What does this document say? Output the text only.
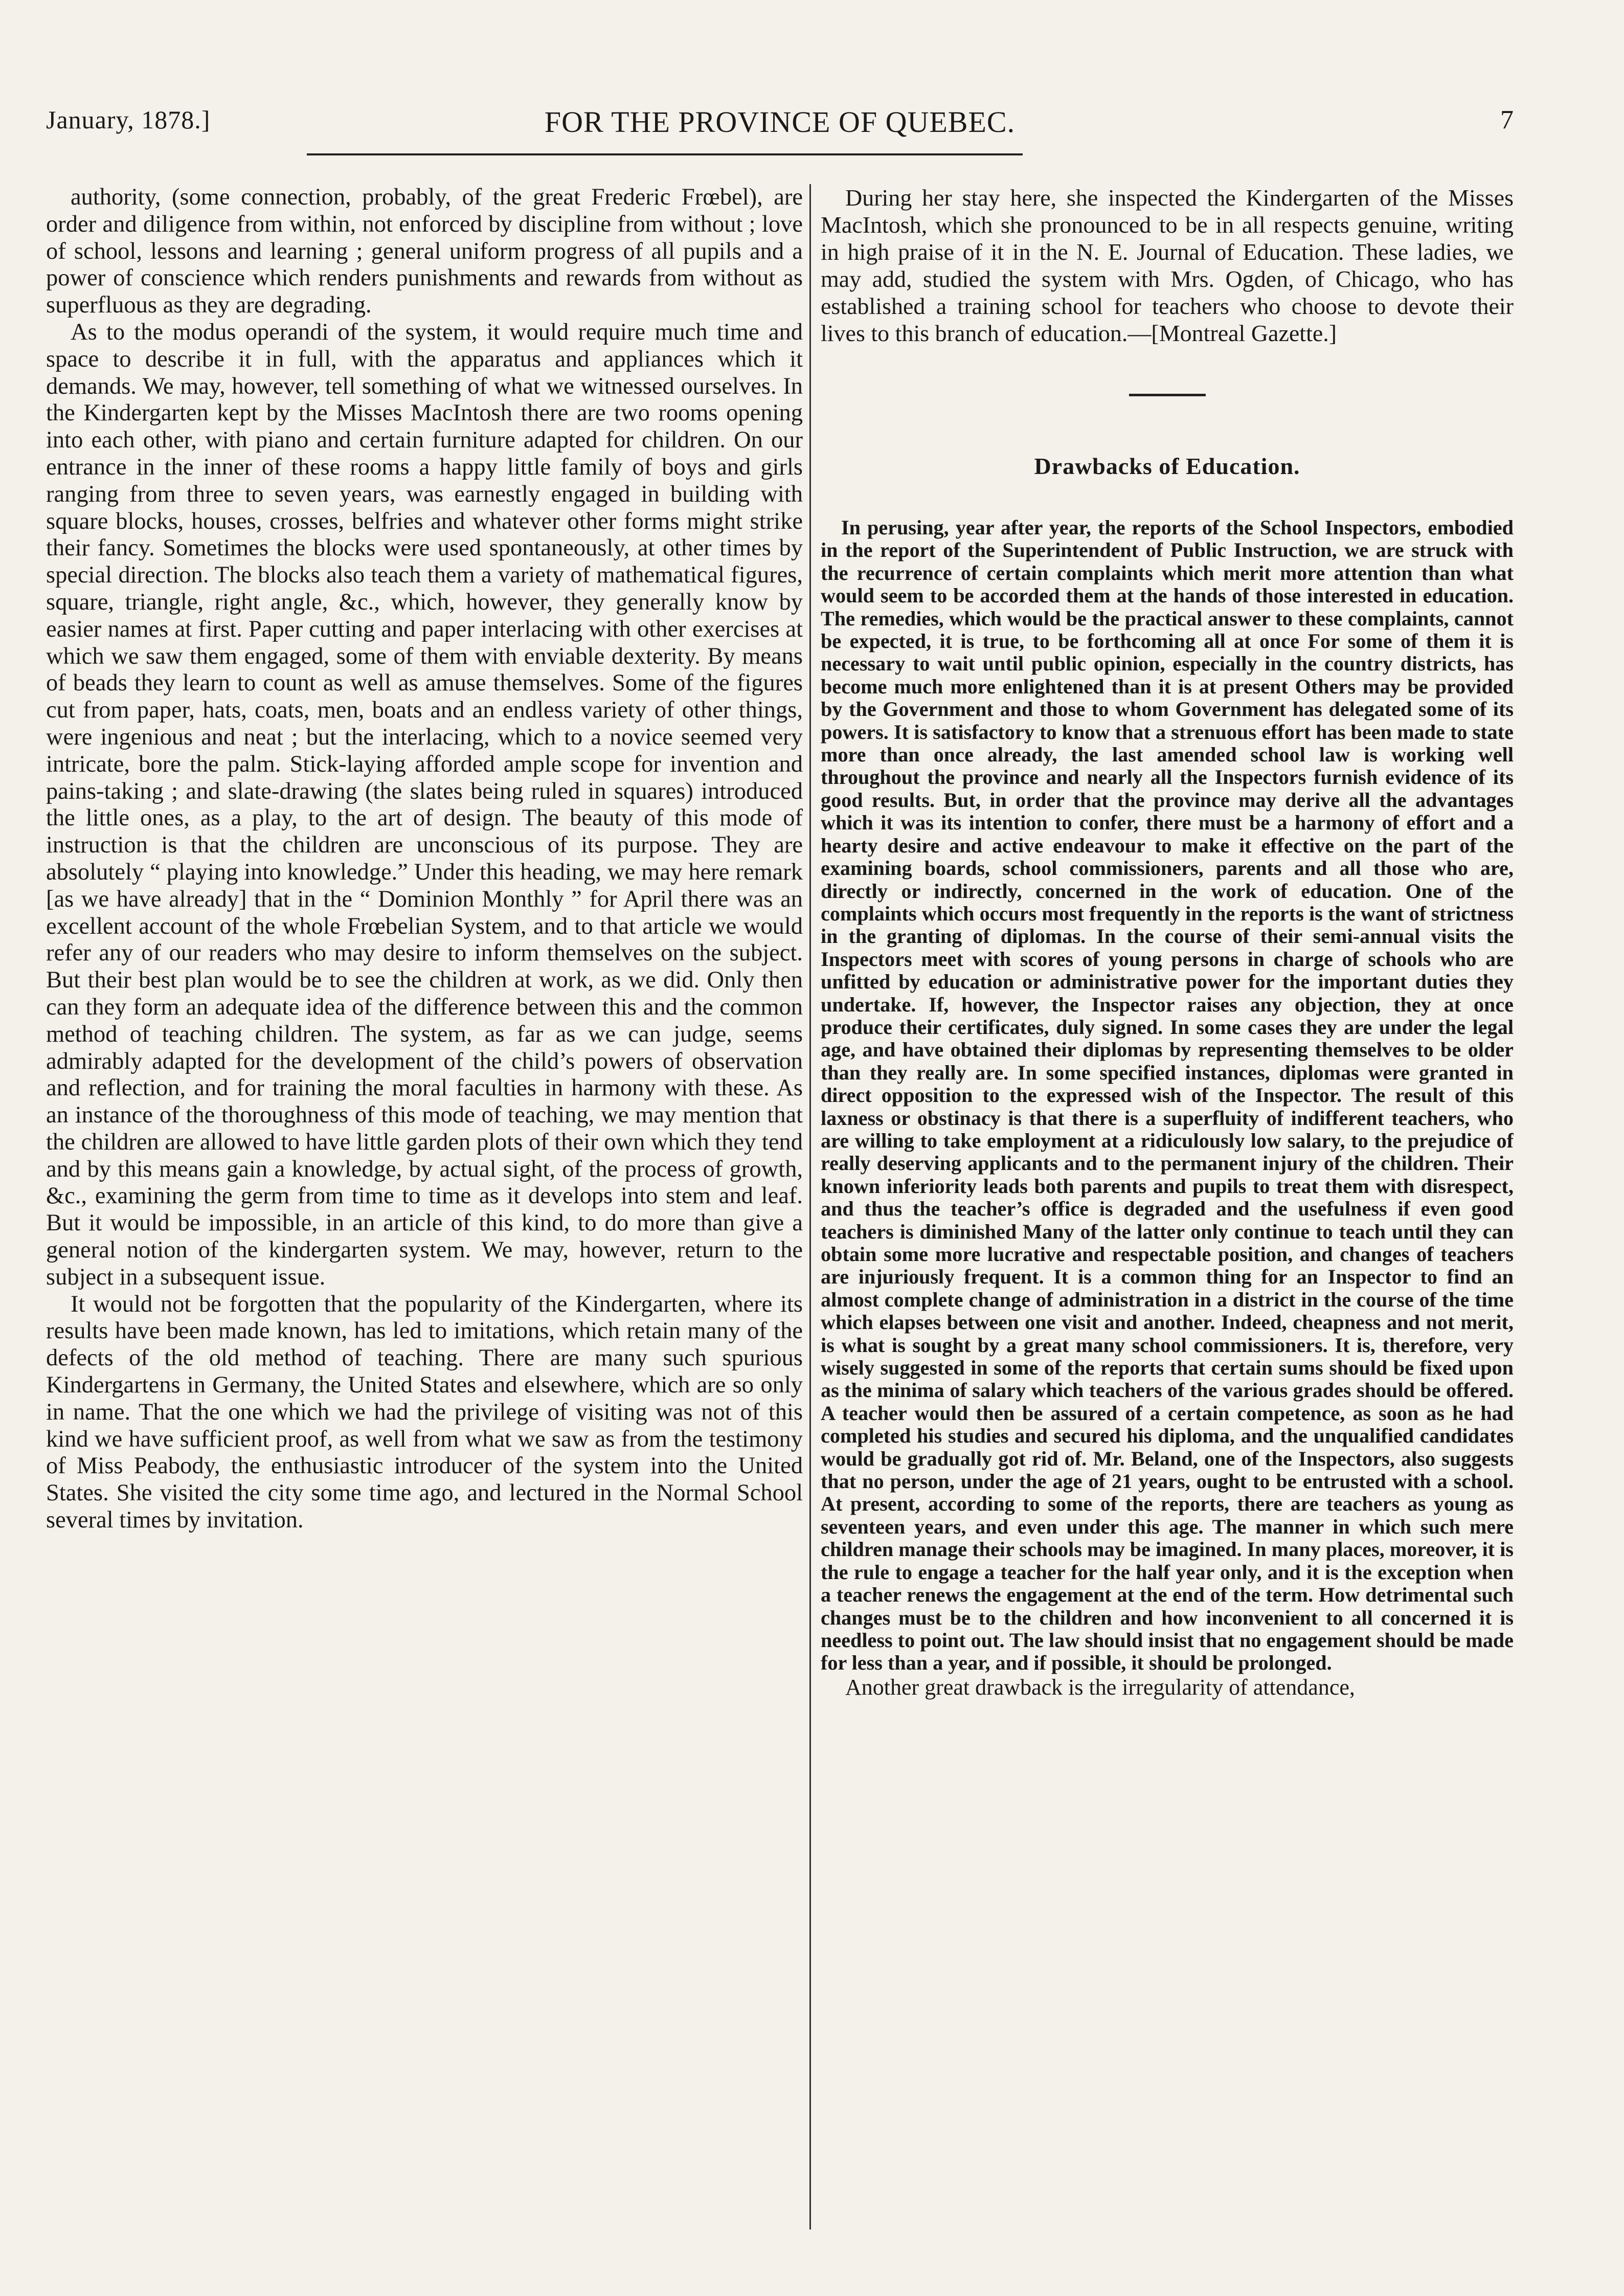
January, 1878.]	FOR THE PROVINCE OF QUEBEC.	7

authority, (some connection, probably, of the great Frederic Frœbel), are order and diligence from within, not enforced by discipline from without ; love of school, lessons and learning ; general uniform progress of all pupils and a power of conscience which renders punishments and rewards from without as superfluous as they are degrading.

As to the modus operandi of the system, it would require much time and space to describe it in full, with the apparatus and appliances which it demands. We may, however, tell something of what we witnessed ourselves. In the Kindergarten kept by the Misses MacIntosh there are two rooms opening into each other, with piano and certain furniture adapted for children. On our entrance in the inner of these rooms a happy little family of boys and girls ranging from three to seven years, was earnestly engaged in building with square blocks, houses, crosses, belfries and whatever other forms might strike their fancy. Sometimes the blocks were used spontaneously, at other times by special direction. The blocks also teach them a variety of mathematical figures, square, triangle, right angle, &c., which, however, they generally know by easier names at first. Paper cutting and paper interlacing with other exercises at which we saw them engaged, some of them with enviable dexterity. By means of beads they learn to count as well as amuse themselves. Some of the figures cut from paper, hats, coats, men, boats and an endless variety of other things, were ingenious and neat ; but the interlacing, which to a novice seemed very intricate, bore the palm. Stick-laying afforded ample scope for invention and pains-taking ; and slate-drawing (the slates being ruled in squares) introduced the little ones, as a play, to the art of design. The beauty of this mode of instruction is that the children are unconscious of its purpose. They are absolutely “ playing into knowledge.” Under this heading, we may here remark [as we have already] that in the “ Dominion Monthly ” for April there was an excellent account of the whole Frœbelian System, and to that article we would refer any of our readers who may desire to inform themselves on the subject. But their best plan would be to see the children at work, as we did. Only then can they form an adequate idea of the difference between this and the common method of teaching children. The system, as far as we can judge, seems admirably adapted for the development of the child’s powers of observation and reflection, and for training the moral faculties in harmony with these. As an instance of the thoroughness of this mode of teaching, we may mention that the children are allowed to have little garden plots of their own which they tend and by this means gain a knowledge, by actual sight, of the process of growth, &c., examining the germ from time to time as it develops into stem and leaf. But it would be impossible, in an article of this kind, to do more than give a general notion of the kindergarten system. We may, however, return to the subject in a subsequent issue.

It would not be forgotten that the popularity of the Kindergarten, where its results have been made known, has led to imitations, which retain many of the defects of the old method of teaching. There are many such spurious Kindergartens in Germany, the United States and elsewhere, which are so only in name. That the one which we had the privilege of visiting was not of this kind we have sufficient proof, as well from what we saw as from the testimony of Miss Peabody, the enthusiastic introducer of the system into the United States. She visited the city some time ago, and lectured in the Normal School several times by invitation.

During her stay here, she inspected the Kindergarten of the Misses MacIntosh, which she pronounced to be in all respects genuine, writing in high praise of it in the N. E. Journal of Education. These ladies, we may add, studied the system with Mrs. Ogden, of Chicago, who has established a training school for teachers who choose to devote their lives to this branch of education.—[Montreal Gazette.]

Drawbacks of Education.

In perusing, year after year, the reports of the School Inspectors, embodied in the report of the Superintendent of Public Instruction, we are struck with the recurrence of certain complaints which merit more attention than what would seem to be accorded them at the hands of those interested in education. The remedies, which would be the practical answer to these complaints, cannot be expected, it is true, to be forthcoming all at once For some of them it is necessary to wait until public opinion, especially in the country districts, has become much more enlightened than it is at present Others may be provided by the Government and those to whom Government has delegated some of its powers. It is satisfactory to know that a strenuous effort has been made to state more than once already, the last amended school law is working well throughout the province and nearly all the Inspectors furnish evidence of its good results. But, in order that the province may derive all the advantages which it was its intention to confer, there must be a harmony of effort and a hearty desire and active endeavour to make it effective on the part of the examining boards, school commissioners, parents and all those who are, directly or indirectly, concerned in the work of education. One of the complaints which occurs most frequently in the reports is the want of strictness in the granting of diplomas. In the course of their semi-annual visits the Inspectors meet with scores of young persons in charge of schools who are unfitted by education or administrative power for the important duties they undertake. If, however, the Inspector raises any objection, they at once produce their certificates, duly signed. In some cases they are under the legal age, and have obtained their diplomas by representing themselves to be older than they really are. In some specified instances, diplomas were granted in direct opposition to the expressed wish of the Inspector. The result of this laxness or obstinacy is that there is a superfluity of indifferent teachers, who are willing to take employment at a ridiculously low salary, to the prejudice of really deserving applicants and to the permanent injury of the children. Their known inferiority leads both parents and pupils to treat them with disrespect, and thus the teacher’s office is degraded and the usefulness if even good teachers is diminished Many of the latter only continue to teach until they can obtain some more lucrative and respectable position, and changes of teachers are injuriously frequent. It is a common thing for an Inspector to find an almost complete change of administration in a district in the course of the time which elapses between one visit and another. Indeed, cheapness and not merit, is what is sought by a great many school commissioners. It is, therefore, very wisely suggested in some of the reports that certain sums should be fixed upon as the minima of salary which teachers of the various grades should be offered. A teacher would then be assured of a certain competence, as soon as he had completed his studies and secured his diploma, and the unqualified candidates would be gradually got rid of. Mr. Beland, one of the Inspectors, also suggests that no person, under the age of 21 years, ought to be entrusted with a school. At present, according to some of the reports, there are teachers as young as seventeen years, and even under this age. The manner in which such mere children manage their schools may be imagined. In many places, moreover, it is the rule to engage a teacher for the half year only, and it is the exception when a teacher renews the engagement at the end of the term. How detrimental such changes must be to the children and how inconvenient to all concerned it is needless to point out. The law should insist that no engagement should be made for less than a year, and if possible, it should be prolonged.

Another great drawback is the irregularity of attendance,
